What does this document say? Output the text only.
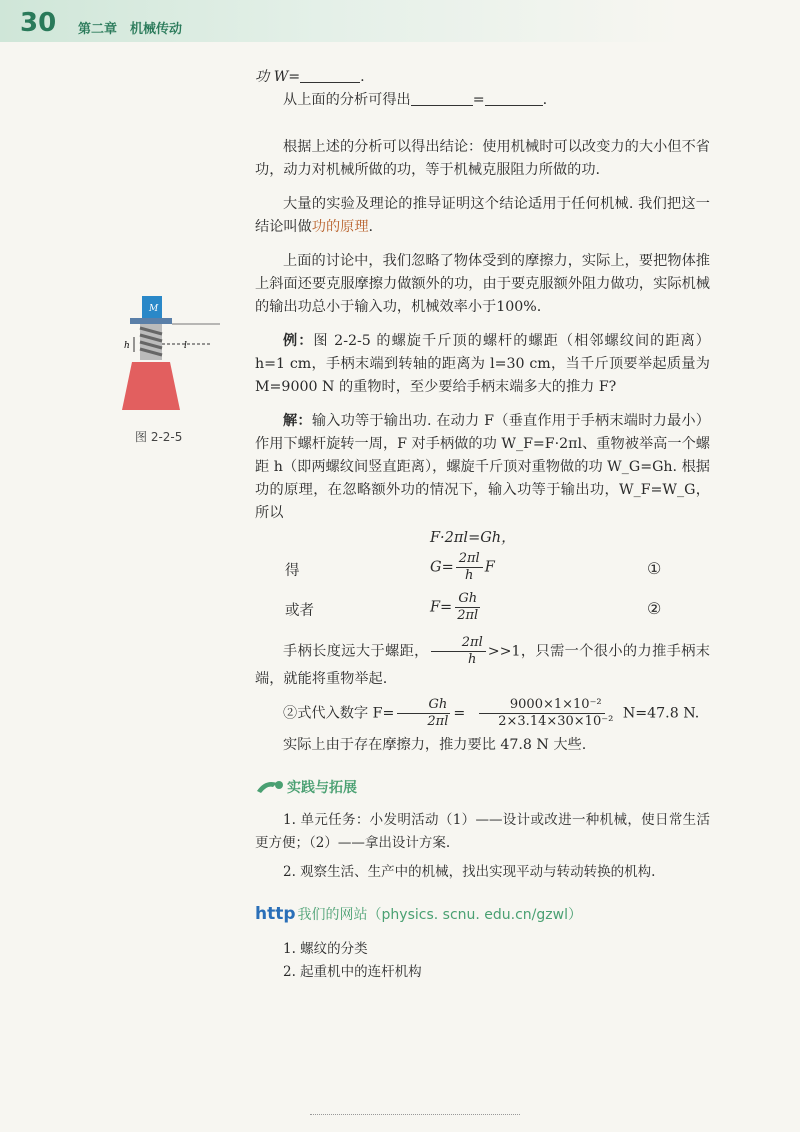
30 第二章　机械传动
M
h	l
图 2-2-5

功 W=	.

从上面的分析可得出	=	.

根据上述的分析可以得出结论：使用机械时可以改变力的大小但不省功，动力对机械所做的功，等于机械克服阻力所做的功.

大量的实验及理论的推导证明这个结论适用于任何机械. 我们把这一结论叫做功的原理.

上面的讨论中，我们忽略了物体受到的摩擦力，实际上，要把物体推上斜面还要克服摩擦力做额外的功，由于要克服额外阻力做功，实际机械的输出功总小于输入功，机械效率小于100%.

例：图 2-2-5 的螺旋千斤顶的螺杆的螺距（相邻螺纹间的距离）h=1 cm，手柄末端到转轴的距离为 l=30 cm，当千斤顶要举起质量为 M=9000 N 的重物时，至少要给手柄末端多大的推力 F?

解：输入功等于输出功. 在动力 F（垂直作用于手柄末端时力最小）作用下螺杆旋转一周，F 对手柄做的功 W_F=F·2πl、重物被举高一个螺距 h（即两螺纹间竖直距离），螺旋千斤顶对重物做的功 W_G=Gh. 根据功的原理，在忽略额外功的情况下，输入功等于输出功，W_F=W_G，所以

F·2πl=Gh，
得	$G= \frac{2\pi l}{h}$ F	①
或者	$F= \frac{Gh}{2\pi l}$	②

手柄长度远大于螺距， $\frac{2\pi l}{h} >>1$，只需一个很小的力推手柄末端，就能将重物举起.

②式代入数字 $F= \frac{Gh}{2\pi l} = \frac{\text{9000×1×10⁻²}}{\text{2×3.14×30×10⁻²}} N=47.8$ N.

实际上由于存在摩擦力，推力要比 47.8 N 大些.

实践与拓展

1. 单元任务：小发明活动（1）——设计或改进一种机械，使日常生活更方便；（2）——拿出设计方案.

2. 观察生活、生产中的机械，找出实现平动与转动转换的机构.

http 我们的网站（physics. scnu. edu.cn/gzwl）

1. 螺纹的分类

2. 起重机中的连杆机构
